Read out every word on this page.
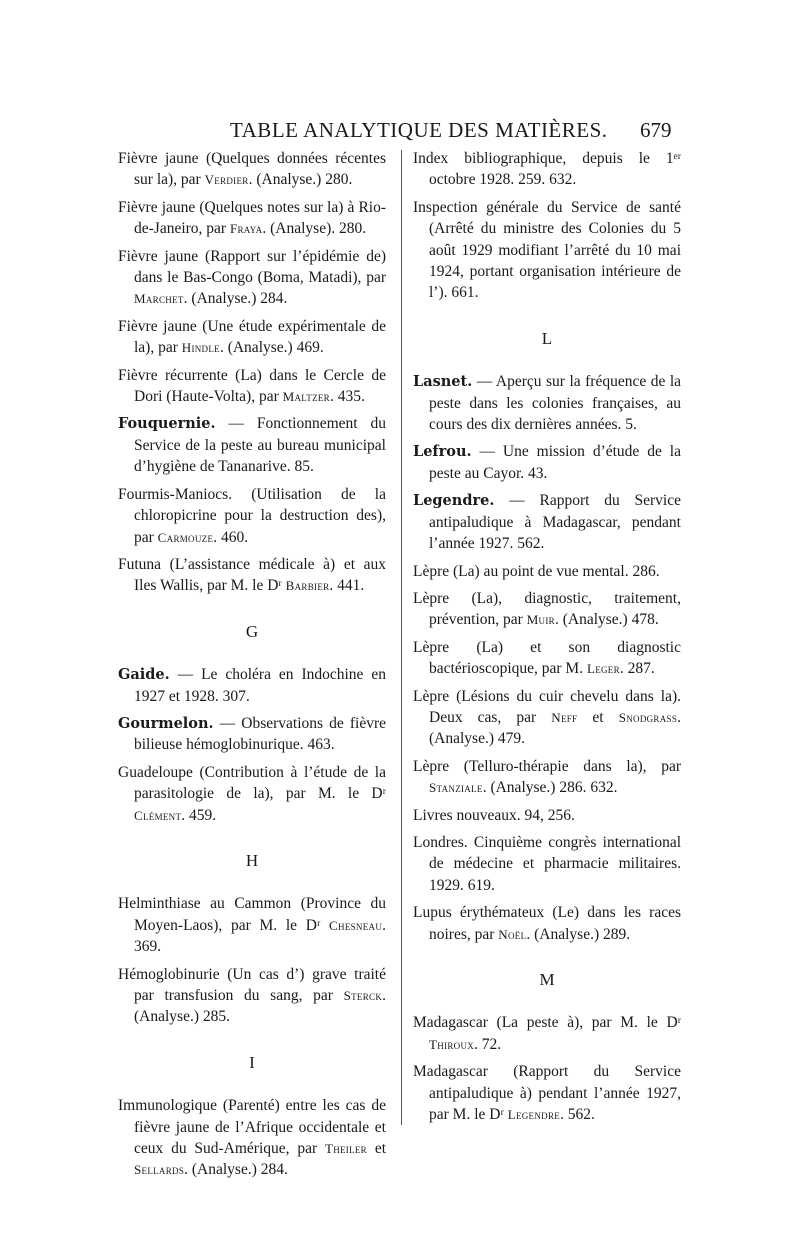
TABLE ANALYTIQUE DES MATIÈRES. 679

Fièvre jaune (Quelques données récentes sur la), par Verdier. (Analyse.) 280.

Fièvre jaune (Quelques notes sur la) à Rio-de-Janeiro, par Fraya. (Analyse). 280.

Fièvre jaune (Rapport sur l’épidémie de) dans le Bas-Congo (Boma, Matadi), par Marchet. (Analyse.) 284.

Fièvre jaune (Une étude expérimentale de la), par Hindle. (Analyse.) 469.

Fièvre récurrente (La) dans le Cercle de Dori (Haute-Volta), par Maltzer. 435.

Fouquernie. — Fonctionnement du Service de la peste au bureau municipal d’hygiène de Tananarive. 85.

Fourmis-Maniocs. (Utilisation de la chloropicrine pour la destruction des), par Carmouze. 460.

Futuna (L’assistance médicale à) et aux Iles Wallis, par M. le Dʳ Barbier. 441.

G

Gaide. — Le choléra en Indochine en 1927 et 1928. 307.

Gourmelon. — Observations de fièvre bilieuse hémoglobinurique. 463.

Guadeloupe (Contribution à l’étude de la parasitologie de la), par M. le Dʳ Clément. 459.

H

Helminthiase au Cammon (Province du Moyen-Laos), par M. le Dʳ Chesneau. 369.

Hémoglobinurie (Un cas d’) grave traité par transfusion du sang, par Sterck. (Analyse.) 285.

I

Immunologique (Parenté) entre les cas de fièvre jaune de l’Afrique occidentale et ceux du Sud-Amérique, par Theiler et Sellards. (Analyse.) 284.

Index bibliographique, depuis le 1ᵉʳ octobre 1928. 259. 632.

Inspection générale du Service de santé (Arrêté du ministre des Colonies du 5 août 1929 modifiant l’arrêté du 10 mai 1924, portant organisation intérieure de l’). 661.

L

Lasnet. — Aperçu sur la fréquence de la peste dans les colonies françaises, au cours des dix dernières années. 5.

Lefrou. — Une mission d’étude de la peste au Cayor. 43.

Legendre. — Rapport du Service antipaludique à Madagascar, pendant l’année 1927. 562.

Lèpre (La) au point de vue mental. 286.

Lèpre (La), diagnostic, traitement, prévention, par Muir. (Analyse.) 478.

Lèpre (La) et son diagnostic bactérioscopique, par M. Leger. 287.

Lèpre (Lésions du cuir chevelu dans la). Deux cas, par Neff et Snodgrass. (Analyse.) 479.

Lèpre (Tellurо-thérapie dans la), par Stanziale. (Analyse.) 286. 632.

Livres nouveaux. 94, 256.

Londres. Cinquième congrès international de médecine et pharmacie militaires. 1929. 619.

Lupus érythémateux (Le) dans les races noires, par Noël. (Analyse.) 289.

M

Madagascar (La peste à), par M. le Dʳ Thiroux. 72.

Madagascar (Rapport du Service antipaludique à) pendant l’année 1927, par M. le Dʳ Legendre. 562.
